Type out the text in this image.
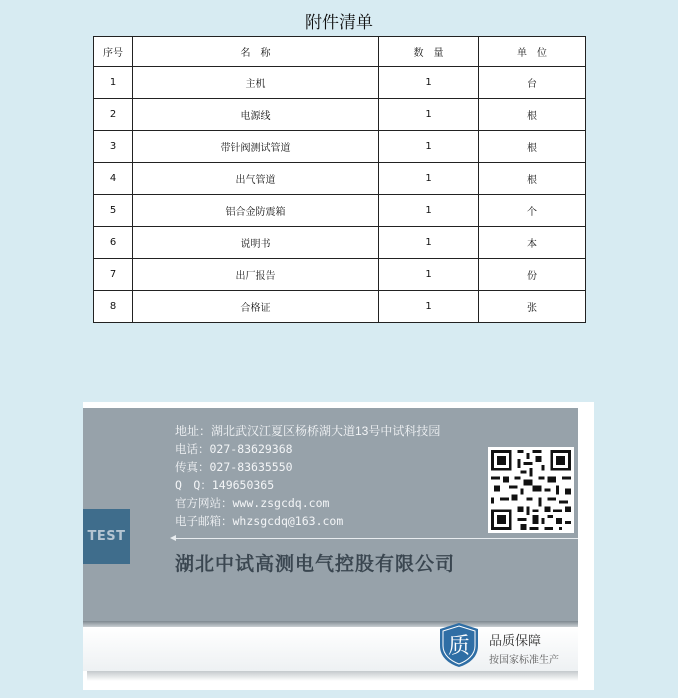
附件清单
序号	名　称	数　量	单　位
1	主机	1	台
2	电源线	1	根
3	带针阀测试管道	1	根
4	出气管道	1	根
5	铝合金防震箱	1	个
6	说明书	1	本
7	出厂报告	1	份
8	合格证	1	张
TEST
地址：湖北武汉江夏区杨桥湖大道13号中试科技园
电话：027-83629368
传真：027-83635550
Q　Q：149650365
官方网站：www.zsgcdq.com
电子邮箱：whzsgcdq@163.com
湖北中试高测电气控股有限公司
质 品质保障
按国家标准生产
